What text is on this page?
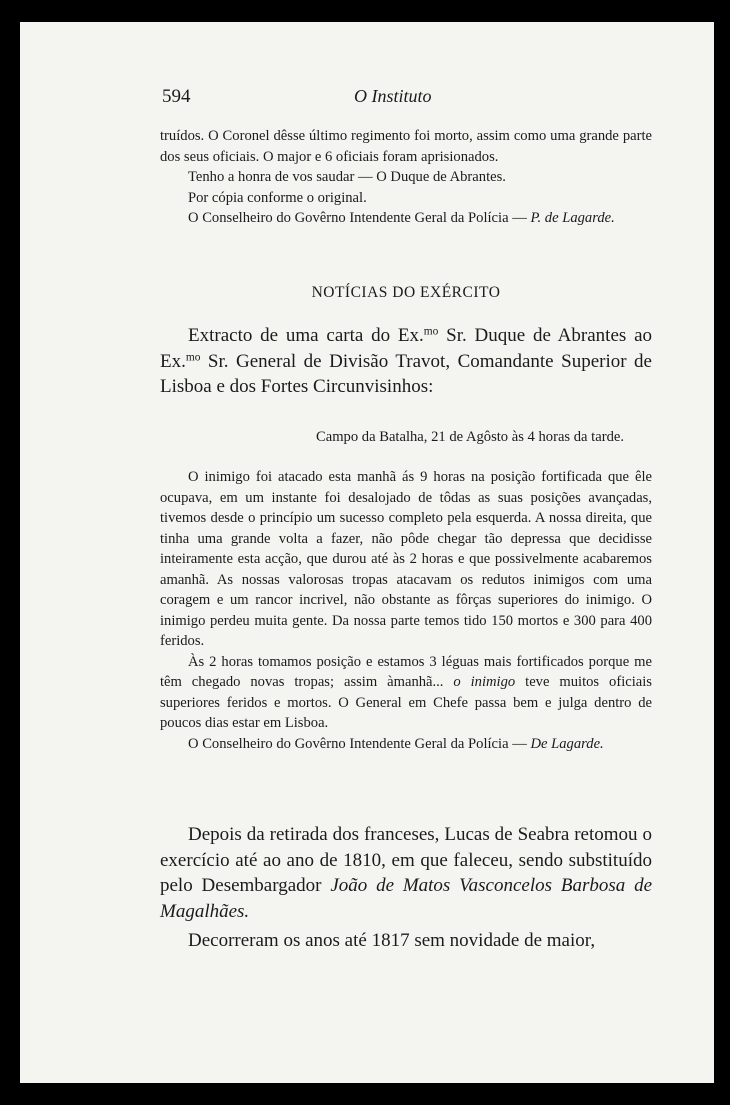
594	O Instituto

truídos. O Coronel dêsse último regimento foi morto, assim como uma grande parte dos seus oficiais. O major e 6 oficiais foram aprisionados.

Tenho a honra de vos saudar — O Duque de Abrantes.

Por cópia conforme o original.

O Conselheiro do Govêrno Intendente Geral da Polícia — P. de Lagarde.

NOTÍCIAS DO EXÉRCITO

Extracto de uma carta do Ex.$^{mo}$ Sr. Duque de Abrantes ao Ex.$^{mo}$ Sr. General de Divisão Travot, Comandante Superior de Lisboa e dos Fortes Circunvisinhos:

Campo da Batalha, 21 de Agôsto às 4 horas da tarde.

O inimigo foi atacado esta manhã ás 9 horas na posição fortificada que êle ocupava, em um instante foi desalojado de tôdas as suas posições avançadas, tivemos desde o princípio um sucesso completo pela esquerda. A nossa direita, que tinha uma grande volta a fazer, não pôde chegar tão depressa que decidisse inteiramente esta acção, que durou até às 2 horas e que possivelmente acabaremos amanhã. As nossas valorosas tropas atacavam os redutos inimigos com uma coragem e um rancor incrivel, não obstante as fôrças superiores do inimigo. O inimigo perdeu muita gente. Da nossa parte temos tido 150 mortos e 300 para 400 feridos.

Às 2 horas tomamos posição e estamos 3 léguas mais fortificados porque me têm chegado novas tropas; assim àmanhã... o inimigo teve muitos oficiais superiores feridos e mortos. O General em Chefe passa bem e julga dentro de poucos dias estar em Lisboa.

O Conselheiro do Govêrno Intendente Geral da Polícia — De Lagarde.

Depois da retirada dos franceses, Lucas de Seabra retomou o exercício até ao ano de 1810, em que faleceu, sendo substituído pelo Desembargador João de Matos Vasconcelos Barbosa de Magalhães.

Decorreram os anos até 1817 sem novidade de maior,
